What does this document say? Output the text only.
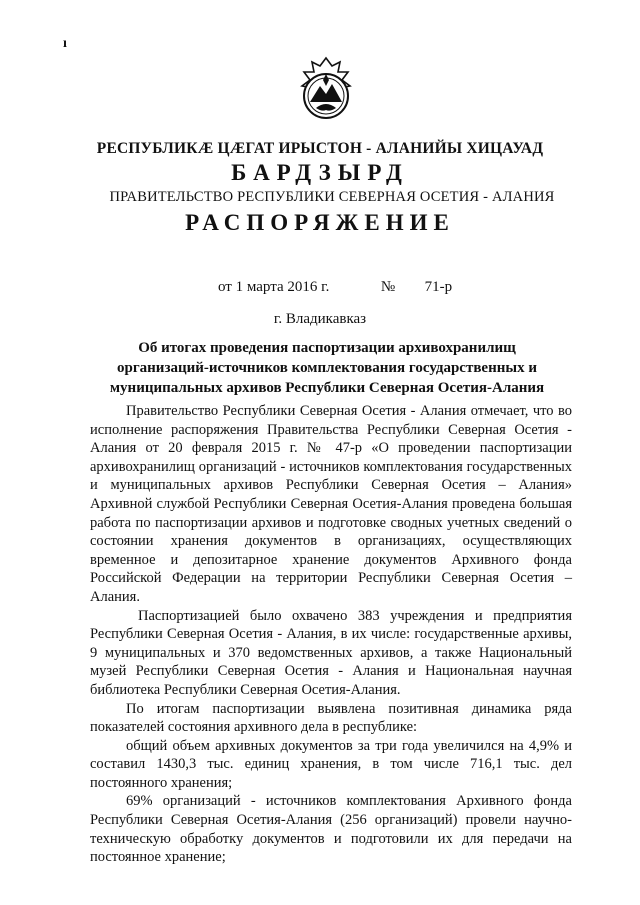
ı
РЕСПУБЛИКӔ ЦӔГАТ ИРЫСТОН - АЛАНИЙЫ ХИЦАУАД
БАРДЗЫРД
ПРАВИТЕЛЬСТВО РЕСПУБЛИКИ СЕВЕРНАЯ ОСЕТИЯ - АЛАНИЯ
РАСПОРЯЖЕНИЕ
от 1 марта 2016 г.	№ 71-р
г. Владикавказ
Об итогах проведения паспортизации архивохранилищ организаций-источников комплектования государственных и муниципальных архивов Республики Северная Осетия-Алания

Правительство Республики Северная Осетия - Алания отмечает, что во исполнение распоряжения Правительства Республики Северная Осетия - Алания от 20 февраля 2015 г. № 47-р «О проведении паспортизации архивохранилищ организаций - источников комплектования государственных и муниципальных архивов Республики Северная Осетия – Алания» Архивной службой Республики Северная Осетия-Алания проведена большая работа по паспортизации архивов и подготовке сводных учетных сведений о состоянии хранения документов в организациях, осуществляющих временное и депозитарное хранение документов Архивного фонда Российской Федерации на территории Республики Северная Осетия – Алания.

Паспортизацией было охвачено 383 учреждения и предприятия Республики Северная Осетия - Алания, в их числе: государственные архивы, 9 муниципальных и 370 ведомственных архивов, а также Национальный музей Республики Северная Осетия - Алания и Национальная научная библиотека Республики Северная Осетия-Алания.

По итогам паспортизации выявлена позитивная динамика ряда показателей состояния архивного дела в республике:

общий объем архивных документов за три года увеличился на 4,9% и составил 1430,3 тыс. единиц хранения, в том числе 716,1 тыс. дел постоянного хранения;

69% организаций - источников комплектования Архивного фонда Республики Северная Осетия-Алания (256 организаций) провели научно-техническую обработку документов и подготовили их для передачи на постоянное хранение;
